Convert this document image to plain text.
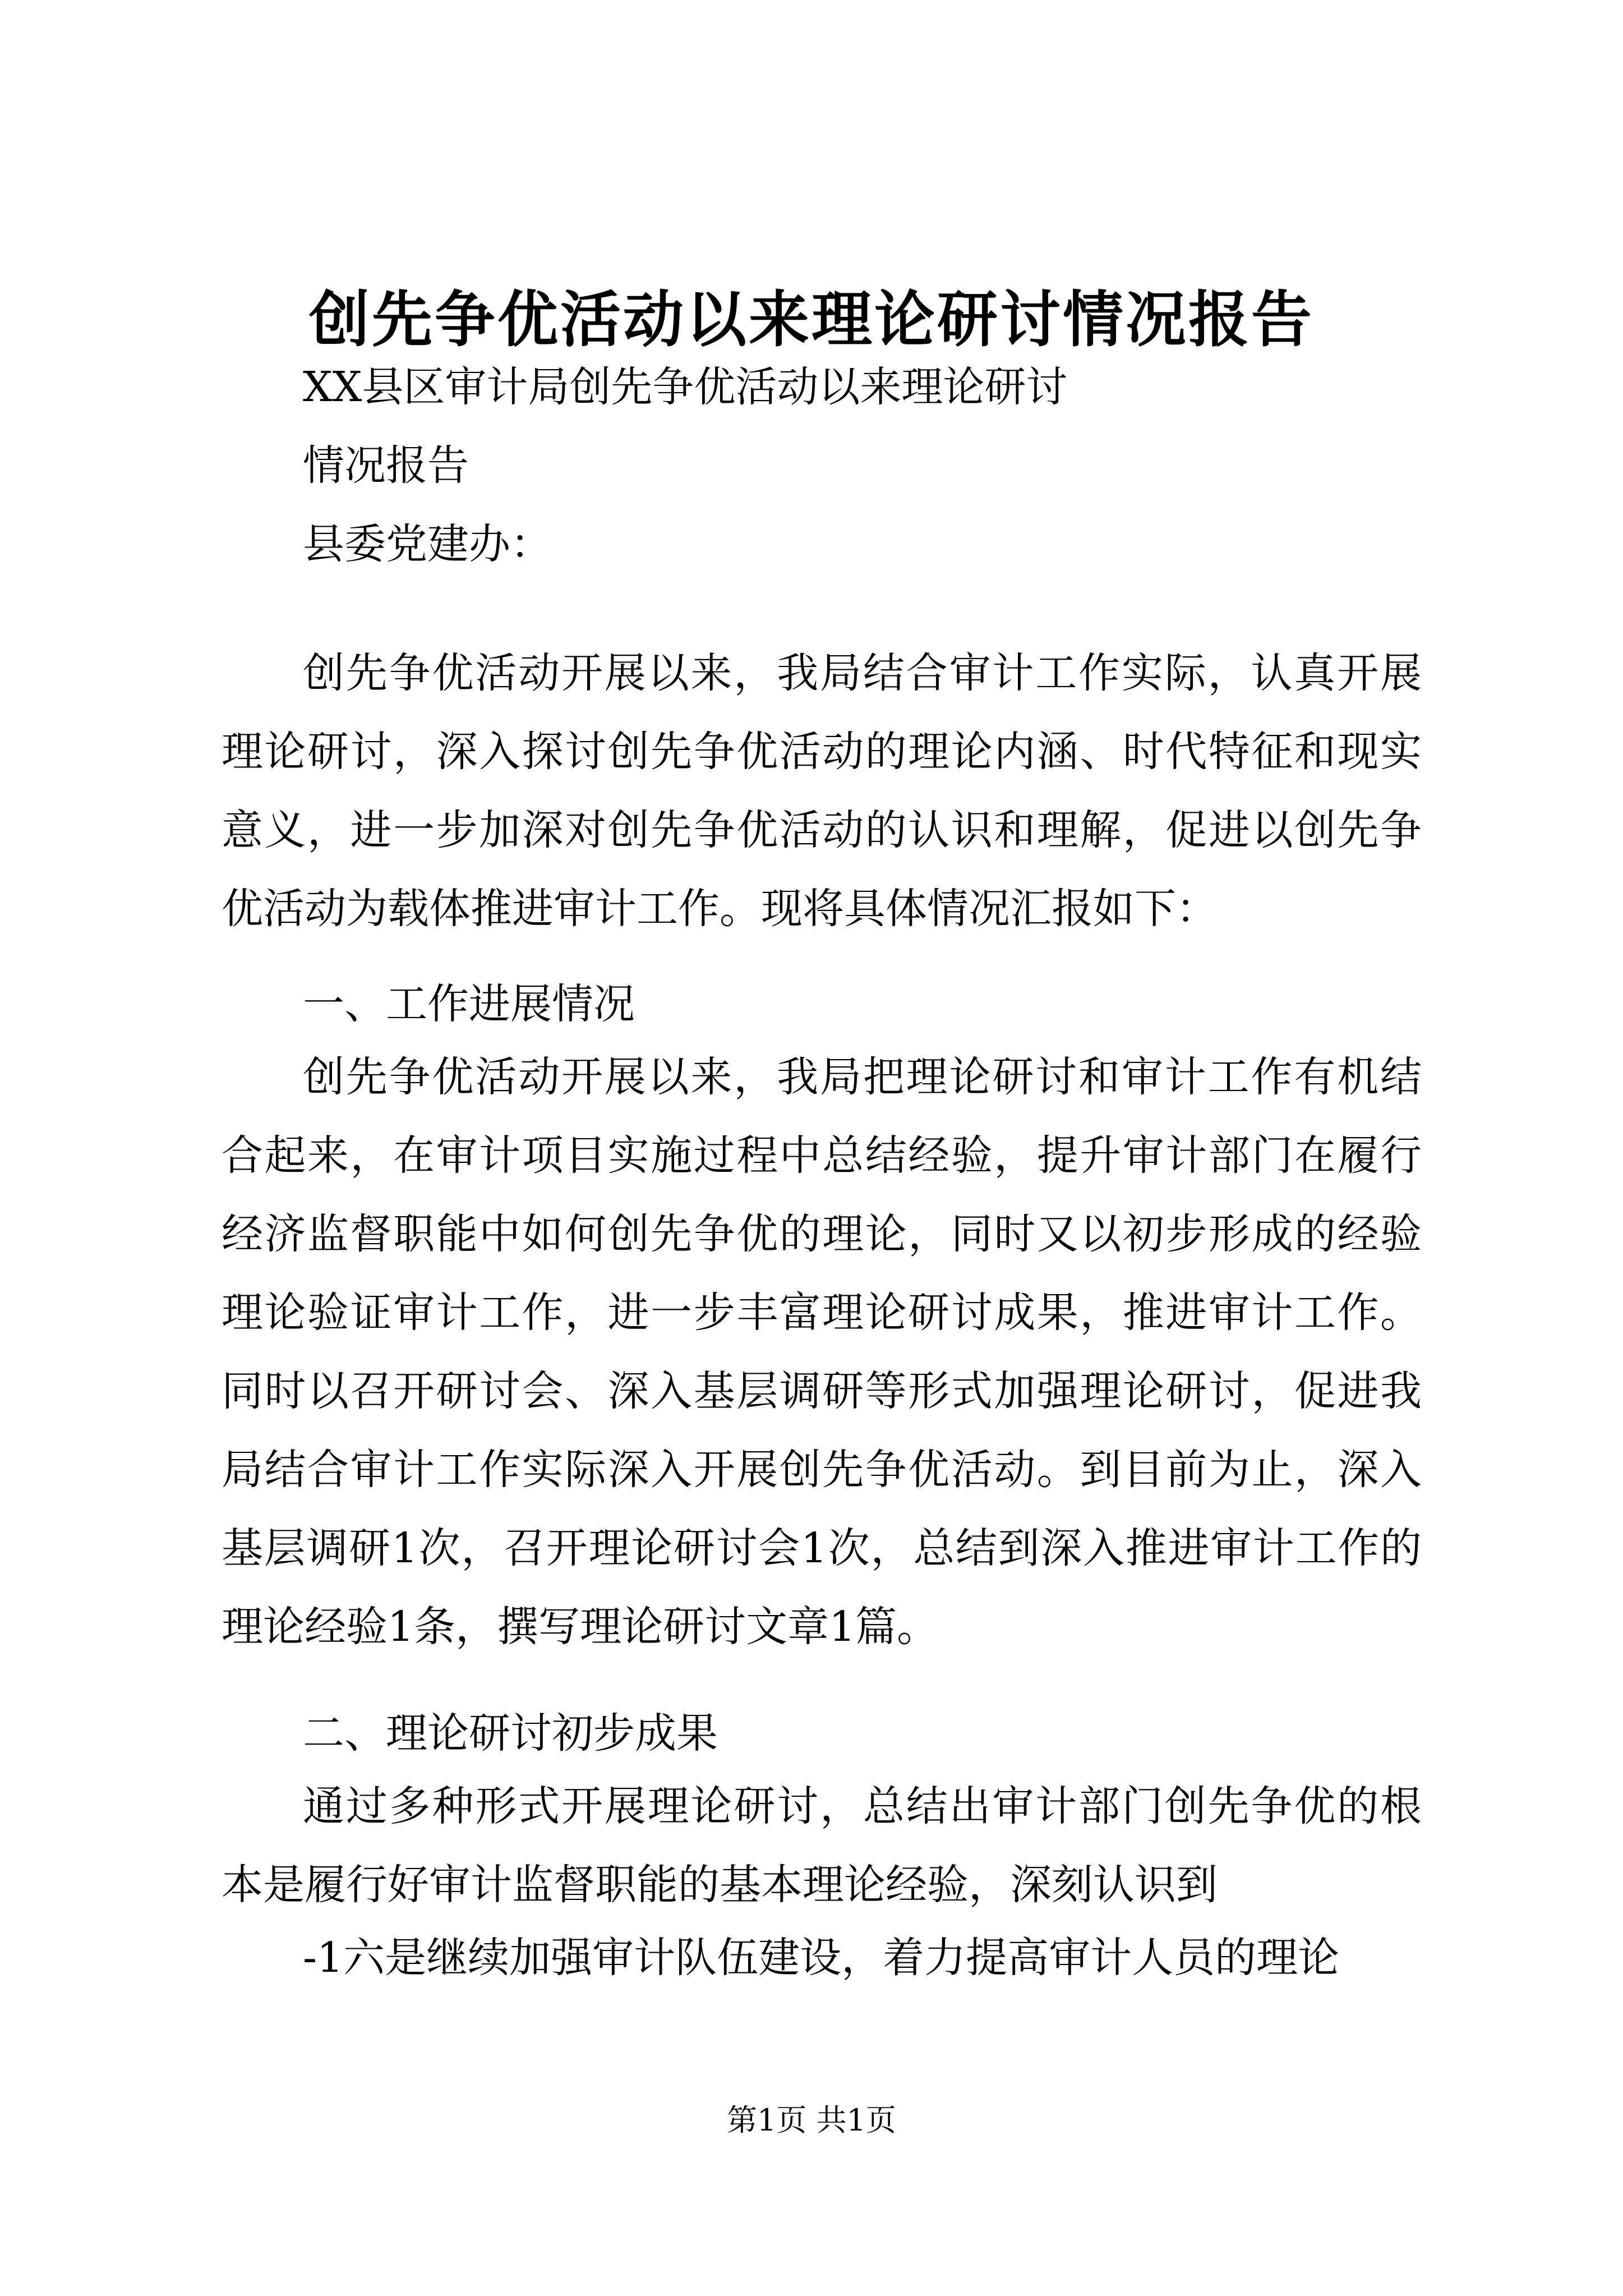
创先争优活动以来理论研讨情况报告
XX县区审计局创先争优活动以来理论研讨
情况报告
县委党建办：

创先争优活动开展以来，我局结合审计工作实际，认真开展理论研讨，深入探讨创先争优活动的理论内涵、时代特征和现实意义，进一步加深对创先争优活动的认识和理解，促进以创先争优活动为载体推进审计工作。现将具体情况汇报如下：

一、工作进展情况

创先争优活动开展以来，我局把理论研讨和审计工作有机结合起来，在审计项目实施过程中总结经验，提升审计部门在履行经济监督职能中如何创先争优的理论，同时又以初步形成的经验理论验证审计工作，进一步丰富理论研讨成果，推进审计工作。同时以召开研讨会、深入基层调研等形式加强理论研讨，促进我局结合审计工作实际深入开展创先争优活动。到目前为止，深入基层调研1次，召开理论研讨会1次，总结到深入推进审计工作的理论经验1条，撰写理论研讨文章1篇。

二、理论研讨初步成果

通过多种形式开展理论研讨，总结出审计部门创先争优的根本是履行好审计监督职能的基本理论经验，深刻认识到

-1六是继续加强审计队伍建设，着力提高审计人员的理论
第1页 共1页
